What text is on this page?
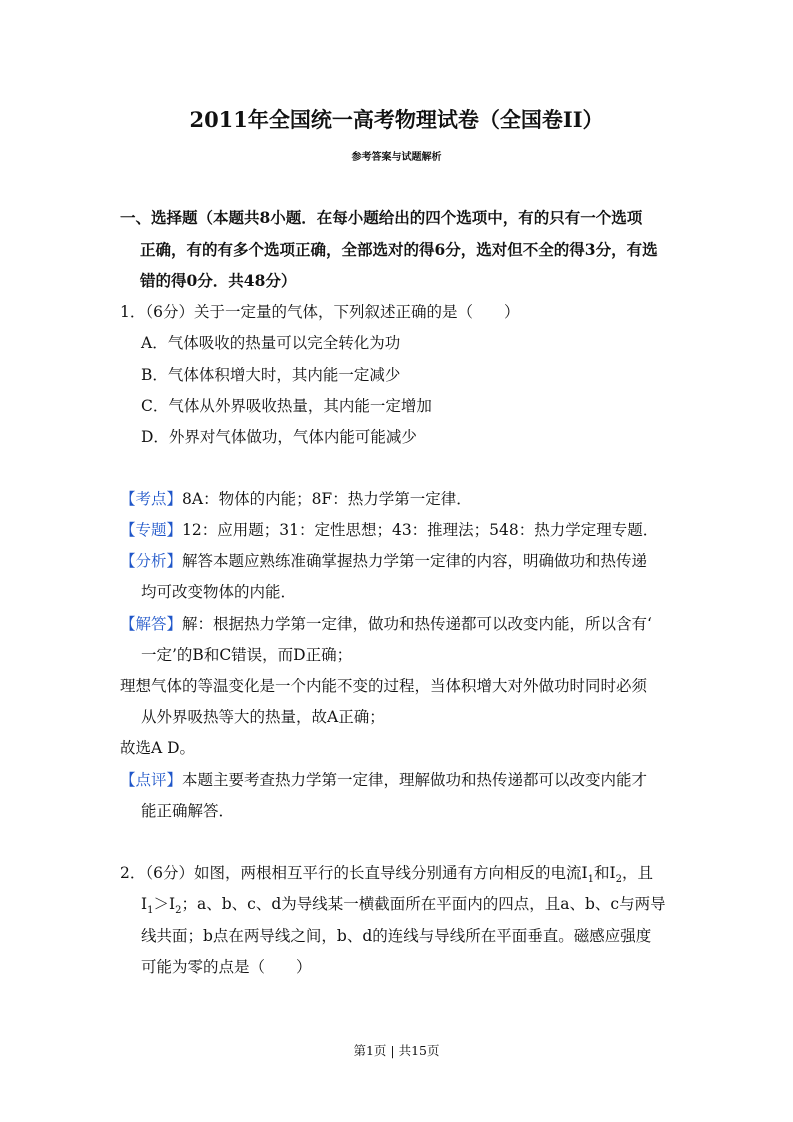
2011年全国统一高考物理试卷（全国卷II）
参考答案与试题解析
一、选择题（本题共8小题．在每小题给出的四个选项中，有的只有一个选项
正确，有的有多个选项正确，全部选对的得6分，选对但不全的得3分，有选
错的得0分．共48分）
1．（6分）关于一定量的气体，下列叙述正确的是（　　）
A．气体吸收的热量可以完全转化为功
B．气体体积增大时，其内能一定减少
C．气体从外界吸收热量，其内能一定增加
D．外界对气体做功，气体内能可能减少
【考点】8A：物体的内能；8F：热力学第一定律．
【专题】12：应用题；31：定性思想；43：推理法；548：热力学定理专题．
【分析】解答本题应熟练准确掌握热力学第一定律的内容，明确做功和热传递
均可改变物体的内能．
【解答】解：根据热力学第一定律，做功和热传递都可以改变内能，所以含有‘
一定’的B和C错误，而D正确；
理想气体的等温变化是一个内能不变的过程，当体积增大对外做功时同时必须
从外界吸热等大的热量，故A正确；
故选A D。
【点评】本题主要考查热力学第一定律，理解做功和热传递都可以改变内能才
能正确解答．
2．（6分）如图，两根相互平行的长直导线分别通有方向相反的电流$I_1$和$I_2$，且
$I_1>I_2$；a、b、c、d为导线某一横截面所在平面内的四点，且a、b、c与两导
线共面；b点在两导线之间，b、d的连线与导线所在平面垂直。磁感应强度
可能为零的点是（　　）
第1页 | 共15页
